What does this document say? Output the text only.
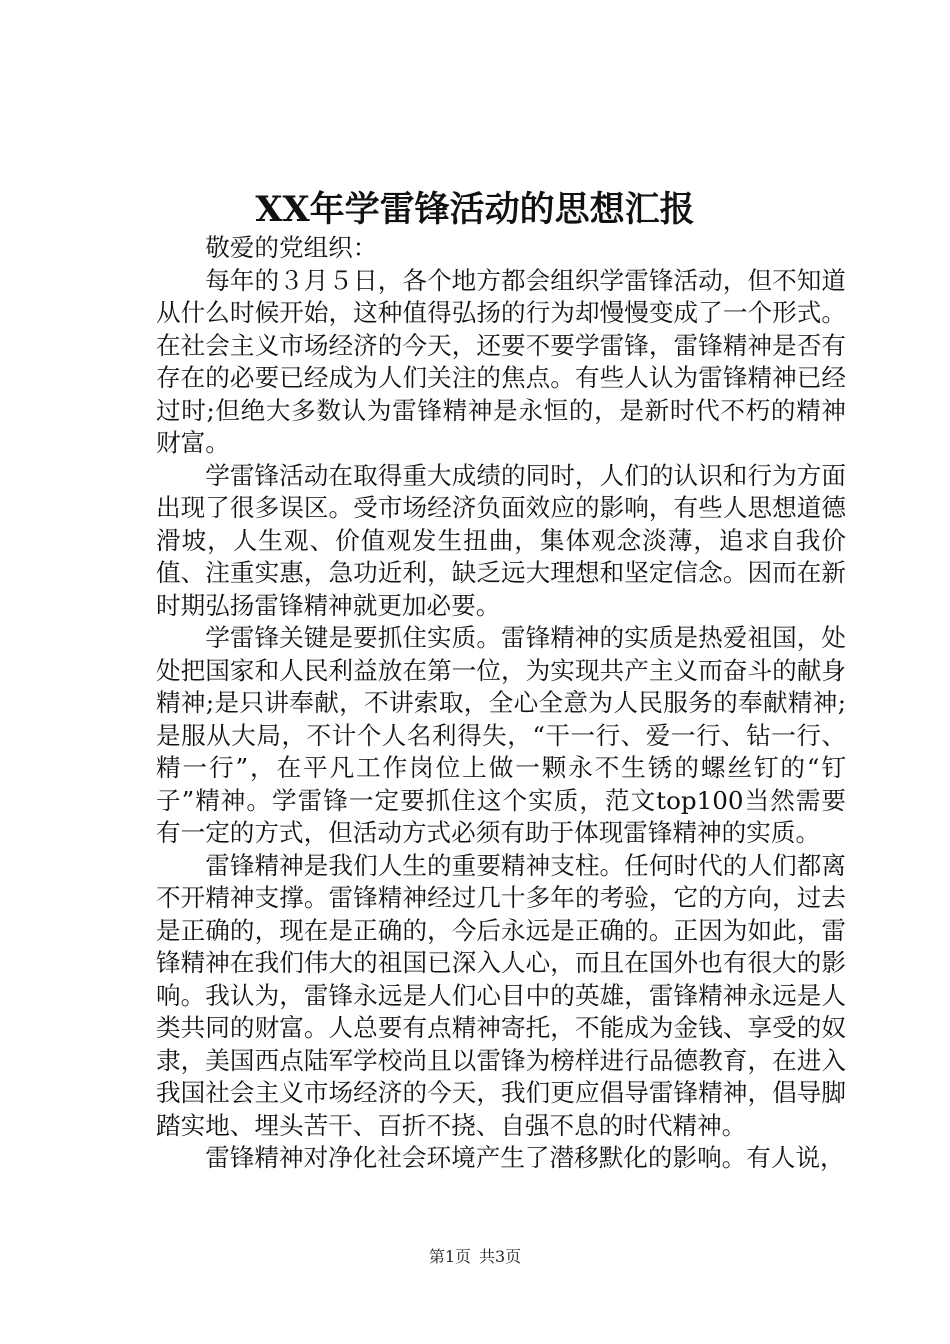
XX年学雷锋活动的思想汇报

敬爱的党组织：

每年的３月５日，各个地方都会组织学雷锋活动，但不知道从什么时候开始，这种值得弘扬的行为却慢慢变成了一个形式。在社会主义市场经济的今天，还要不要学雷锋，雷锋精神是否有存在的必要已经成为人们关注的焦点。有些人认为雷锋精神已经过时;但绝大多数认为雷锋精神是永恒的，是新时代不朽的精神财富。

学雷锋活动在取得重大成绩的同时，人们的认识和行为方面出现了很多误区。受市场经济负面效应的影响，有些人思想道德滑坡，人生观、价值观发生扭曲，集体观念淡薄，追求自我价值、注重实惠，急功近利，缺乏远大理想和坚定信念。因而在新时期弘扬雷锋精神就更加必要。

学雷锋关键是要抓住实质。雷锋精神的实质是热爱祖国，处处把国家和人民利益放在第一位，为实现共产主义而奋斗的献身精神;是只讲奉献，不讲索取，全心全意为人民服务的奉献精神;是服从大局，不计个人名利得失，“干一行、爱一行、钻一行、精一行”，在平凡工作岗位上做一颗永不生锈的螺丝钉的“钉子”精神。学雷锋一定要抓住这个实质，范文top100当然需要有一定的方式，但活动方式必须有助于体现雷锋精神的实质。

雷锋精神是我们人生的重要精神支柱。任何时代的人们都离不开精神支撑。雷锋精神经过几十多年的考验，它的方向，过去是正确的，现在是正确的，今后永远是正确的。正因为如此，雷锋精神在我们伟大的祖国已深入人心，而且在国外也有很大的影响。我认为，雷锋永远是人们心目中的英雄，雷锋精神永远是人类共同的财富。人总要有点精神寄托，不能成为金钱、享受的奴隶，美国西点陆军学校尚且以雷锋为榜样进行品德教育，在进入我国社会主义市场经济的今天，我们更应倡导雷锋精神，倡导脚踏实地、埋头苦干、百折不挠、自强不息的时代精神。

雷锋精神对净化社会环境产生了潜移默化的影响。有人说，

第1页 共3页
